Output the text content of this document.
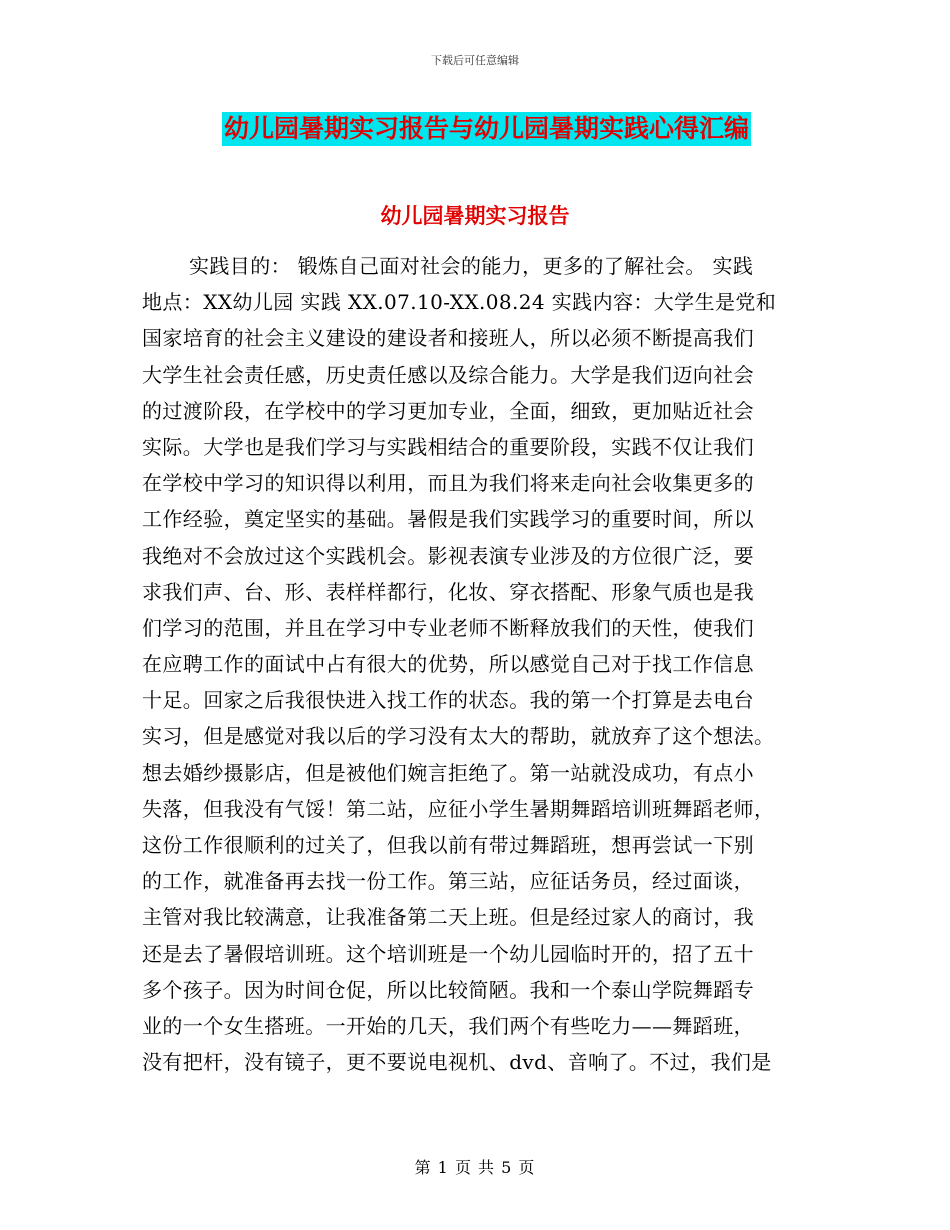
下载后可任意编辑
幼儿园暑期实习报告与幼儿园暑期实践心得汇编
幼儿园暑期实习报告
实践目的： 锻炼自己面对社会的能力，更多的了解社会。 实践
地点：XX幼儿园 实践 XX.07.10-XX.08.24 实践内容：大学生是党和
国家培育的社会主义建设的建设者和接班人，所以必须不断提高我们
大学生社会责任感，历史责任感以及综合能力。大学是我们迈向社会
的过渡阶段，在学校中的学习更加专业，全面，细致，更加贴近社会
实际。大学也是我们学习与实践相结合的重要阶段，实践不仅让我们
在学校中学习的知识得以利用，而且为我们将来走向社会收集更多的
工作经验，奠定坚实的基础。暑假是我们实践学习的重要时间，所以
我绝对不会放过这个实践机会。影视表演专业涉及的方位很广泛，要
求我们声、台、形、表样样都行，化妆、穿衣搭配、形象气质也是我
们学习的范围，并且在学习中专业老师不断释放我们的天性，使我们
在应聘工作的面试中占有很大的优势，所以感觉自己对于找工作信息
十足。回家之后我很快进入找工作的状态。我的第一个打算是去电台
实习，但是感觉对我以后的学习没有太大的帮助，就放弃了这个想法。
想去婚纱摄影店，但是被他们婉言拒绝了。第一站就没成功，有点小
失落，但我没有气馁！第二站，应征小学生暑期舞蹈培训班舞蹈老师，
这份工作很顺利的过关了，但我以前有带过舞蹈班，想再尝试一下别
的工作，就准备再去找一份工作。第三站，应征话务员，经过面谈，
主管对我比较满意，让我准备第二天上班。但是经过家人的商讨，我
还是去了暑假培训班。这个培训班是一个幼儿园临时开的，招了五十
多个孩子。因为时间仓促，所以比较简陋。我和一个泰山学院舞蹈专
业的一个女生搭班。一开始的几天，我们两个有些吃力——舞蹈班，
没有把杆，没有镜子，更不要说电视机、dvd、音响了。不过，我们是
第 1 页 共 5 页
